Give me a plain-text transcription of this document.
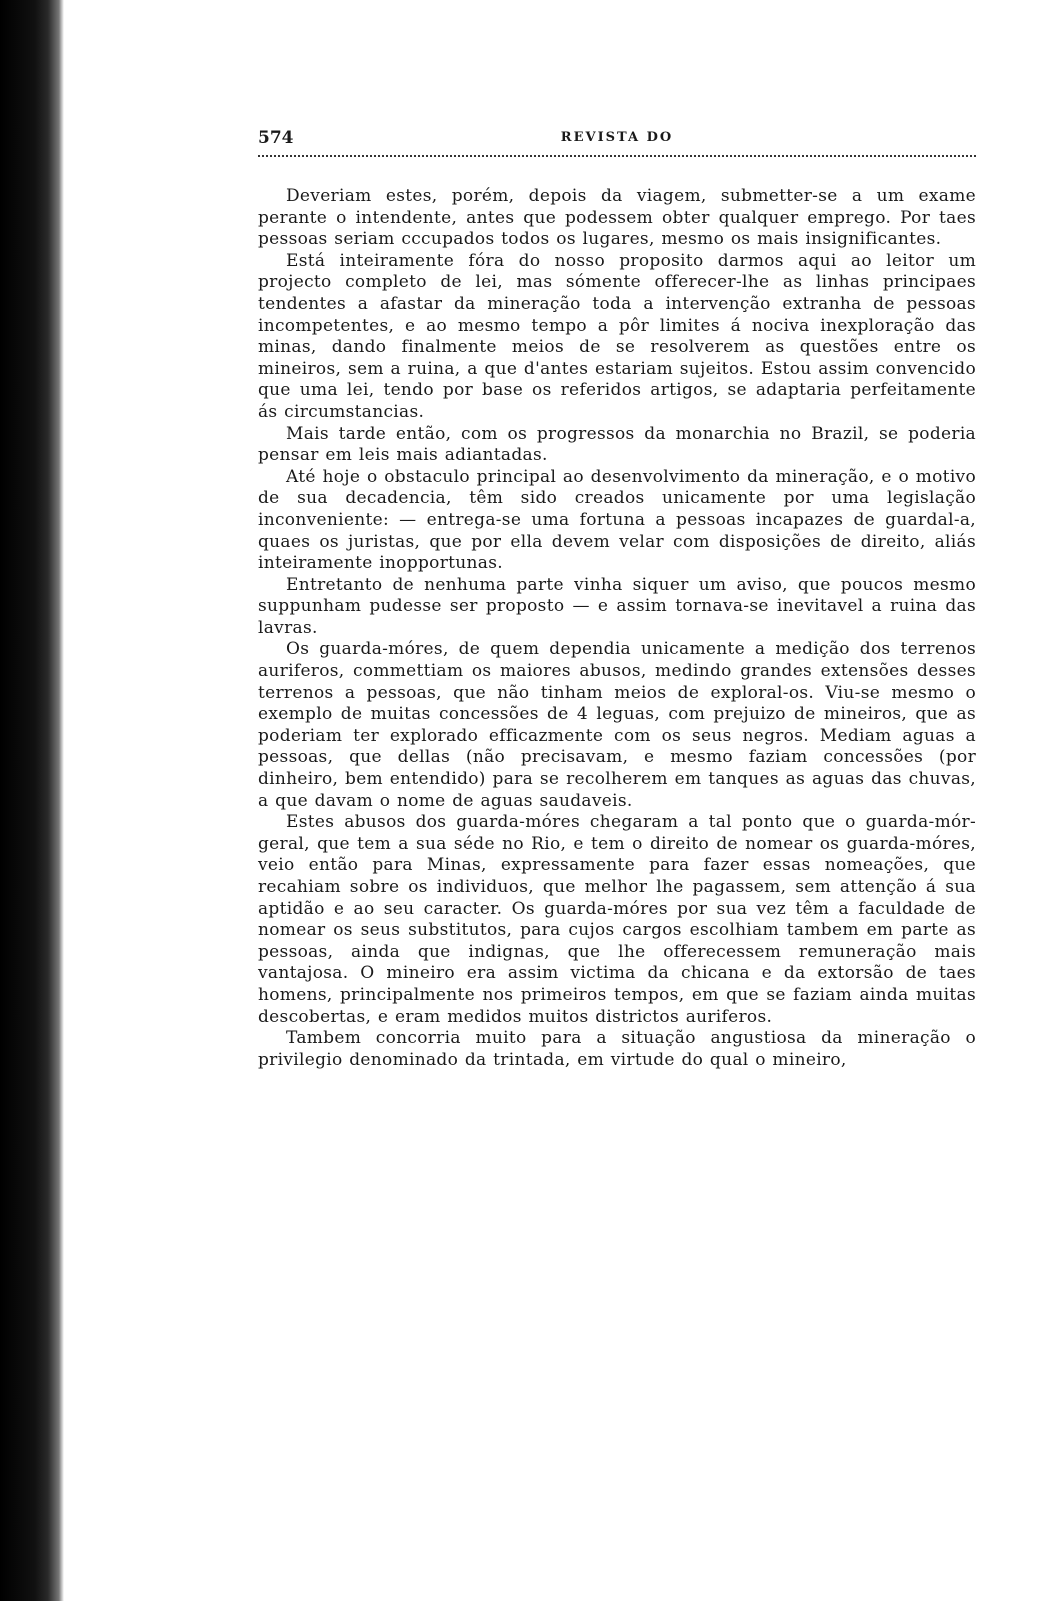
574	REVISTA DO

Deveriam estes, porém, depois da viagem, submetter-se a um exame perante o intendente, antes que podessem obter qualquer emprego. Por taes pessoas seriam cccupados todos os lugares, mesmo os mais insignificantes.

Está inteiramente fóra do nosso proposito darmos aqui ao leitor um projecto completo de lei, mas sómente offerecer-lhe as linhas principaes tendentes a afastar da mineração toda a intervenção extranha de pessoas incompetentes, e ao mesmo tempo a pôr limites á nociva inexploração das minas, dando finalmente meios de se resolverem as questões entre os mineiros, sem a ruina, a que d'antes estariam sujeitos. Estou assim convencido que uma lei, tendo por base os referidos artigos, se adaptaria perfeitamente ás circumstancias.

Mais tarde então, com os progressos da monarchia no Brazil, se poderia pensar em leis mais adiantadas.

Até hoje o obstaculo principal ao desenvolvimento da mineração, e o motivo de sua decadencia, têm sido creados unicamente por uma legislação inconveniente: — entrega-se uma fortuna a pessoas incapazes de guardal-a, quaes os juristas, que por ella devem velar com disposições de direito, aliás inteiramente inopportunas.

Entretanto de nenhuma parte vinha siquer um aviso, que poucos mesmo suppunham pudesse ser proposto — e assim tornava-se inevitavel a ruina das lavras.

Os guarda-móres, de quem dependia unicamente a medição dos terrenos auriferos, commettiam os maiores abusos, medindo grandes extensões desses terrenos a pessoas, que não tinham meios de exploral-os. Viu-se mesmo o exemplo de muitas concessões de 4 leguas, com prejuizo de mineiros, que as poderiam ter explorado efficazmente com os seus negros. Mediam aguas a pessoas, que dellas (não precisavam, e mesmo faziam concessões (por dinheiro, bem entendido) para se recolherem em tanques as aguas das chuvas, a que davam o nome de aguas saudaveis.

Estes abusos dos guarda-móres chegaram a tal ponto que o guarda-mór-geral, que tem a sua séde no Rio, e tem o direito de nomear os guarda-móres, veio então para Minas, expressamente para fazer essas nomeações, que recahiam sobre os individuos, que melhor lhe pagassem, sem attenção á sua aptidão e ao seu caracter. Os guarda-móres por sua vez têm a faculdade de nomear os seus substitutos, para cujos cargos escolhiam tambem em parte as pessoas, ainda que indignas, que lhe offerecessem remuneração mais vantajosa. O mineiro era assim victima da chicana e da extorsão de taes homens, principalmente nos primeiros tempos, em que se faziam ainda muitas descobertas, e eram medidos muitos districtos auriferos.

Tambem concorria muito para a situação angustiosa da mineração o privilegio denominado da trintada, em virtude do qual o mineiro,
